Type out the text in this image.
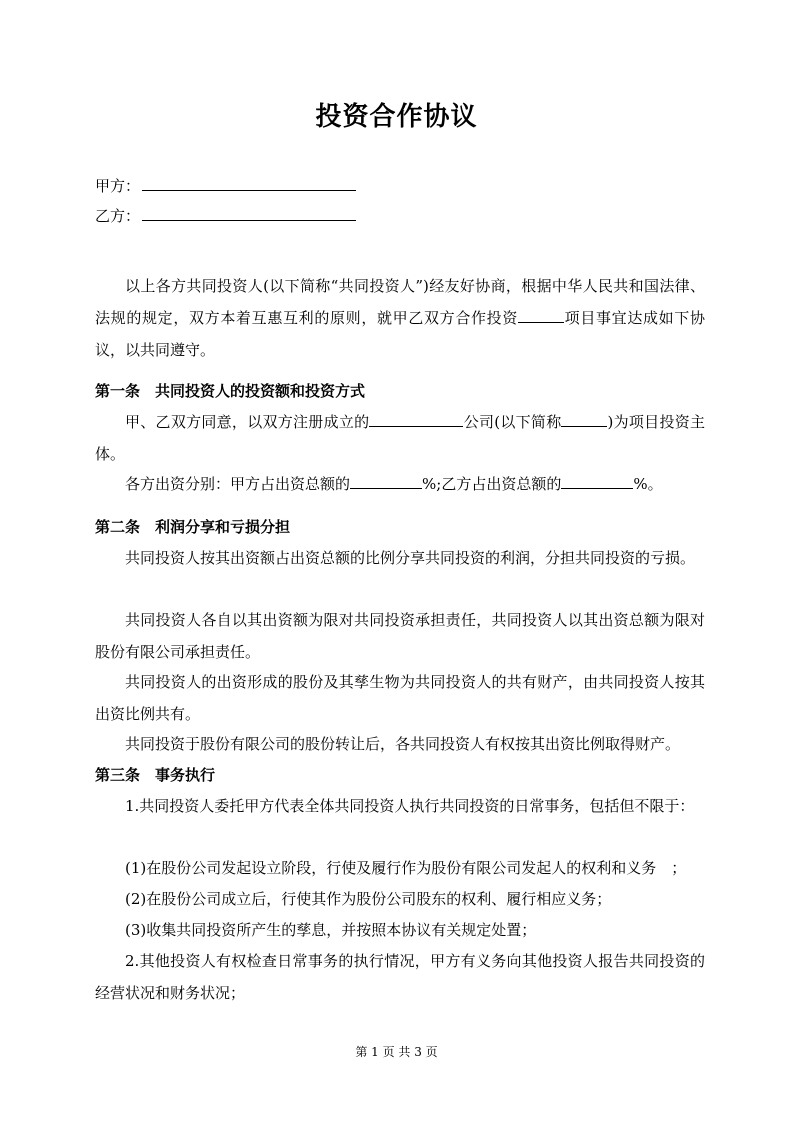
投资合作协议
甲方：
乙方：
以上各方共同投资人(以下简称“共同投资人”)经友好协商，根据中华人民共和国法律、法规的规定，双方本着互惠互利的原则，就甲乙双方合作投资	项目事宜达成如下协议，以共同遵守。
第一条　共同投资人的投资额和投资方式
甲、乙双方同意，以双方注册成立的	公司(以下简称	)为项目投资主体。
各方出资分别：甲方占出资总额的	%;乙方占出资总额的	%。
第二条　利润分享和亏损分担
共同投资人按其出资额占出资总额的比例分享共同投资的利润，分担共同投资的亏损。
共同投资人各自以其出资额为限对共同投资承担责任，共同投资人以其出资总额为限对股份有限公司承担责任。
共同投资人的出资形成的股份及其孳生物为共同投资人的共有财产，由共同投资人按其出资比例共有。
共同投资于股份有限公司的股份转让后，各共同投资人有权按其出资比例取得财产。
第三条　事务执行
1.共同投资人委托甲方代表全体共同投资人执行共同投资的日常事务，包括但不限于：
(1)在股份公司发起设立阶段，行使及履行作为股份有限公司发起人的权利和义务　；
(2)在股份公司成立后，行使其作为股份公司股东的权利、履行相应义务；
(3)收集共同投资所产生的孳息，并按照本协议有关规定处置；
2.其他投资人有权检查日常事务的执行情况，甲方有义务向其他投资人报告共同投资的经营状况和财务状况；
第 1 页 共 3 页
